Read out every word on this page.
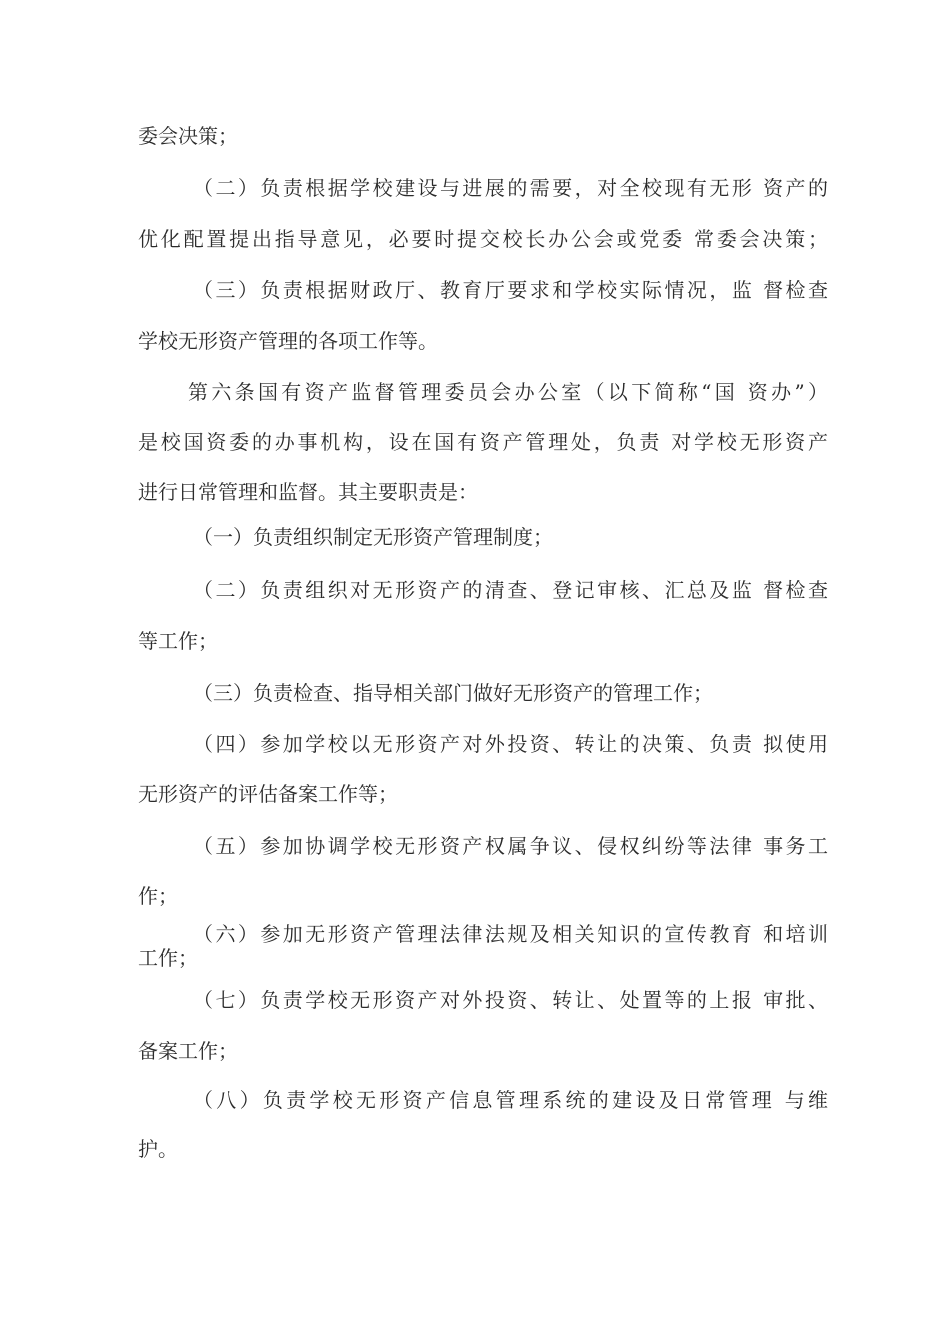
委会决策；

（二）负责根据学校建设与进展的需要，对全校现有无形 资产的

优化配置提出指导意见，必要时提交校长办公会或党委 常委会决策；

（三）负责根据财政厅、教育厅要求和学校实际情况，监 督检查

学校无形资产管理的各项工作等。

第六条国有资产监督管理委员会办公室（以下简称“国 资办”）

是校国资委的办事机构，设在国有资产管理处，负责 对学校无形资产

进行日常管理和监督。其主要职责是：

（一）负责组织制定无形资产管理制度；

（二）负责组织对无形资产的清查、登记审核、汇总及监 督检查

等工作；

（三）负责检查、指导相关部门做好无形资产的管理工作；

（四）参加学校以无形资产对外投资、转让的决策、负责 拟使用

无形资产的评估备案工作等；

（五）参加协调学校无形资产权属争议、侵权纠纷等法律 事务工

作；

（六）参加无形资产管理法律法规及相关知识的宣传教育 和培训

工作；

（七）负责学校无形资产对外投资、转让、处置等的上报 审批、

备案工作；

（八）负责学校无形资产信息管理系统的建设及日常管理 与维

护。
